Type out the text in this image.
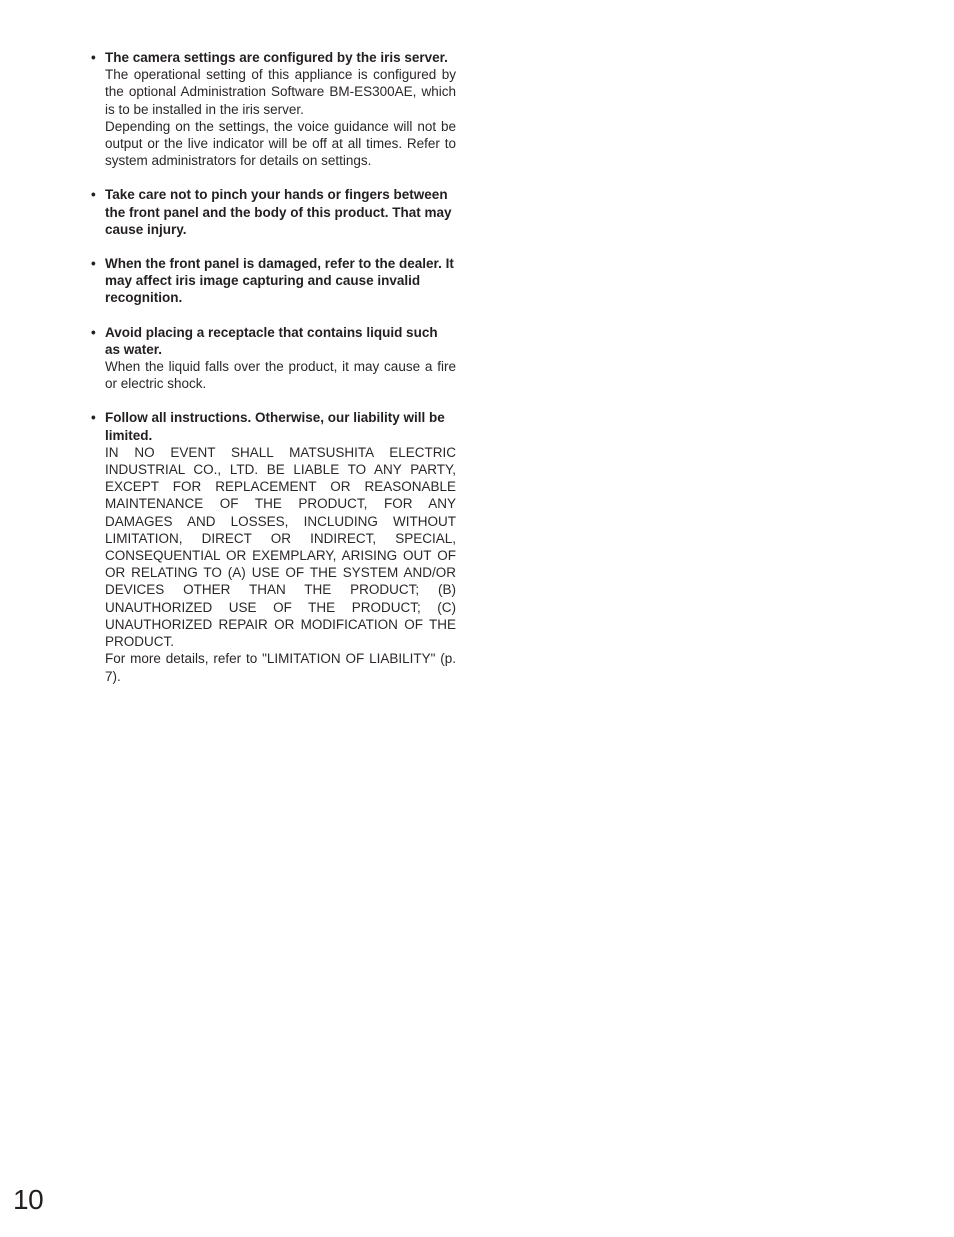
• The camera settings are configured by the iris server.

The operational setting of this appliance is configured by the optional Administration Software BM-ES300AE, which is to be installed in the iris server.

Depending on the settings, the voice guidance will not be output or the live indicator will be off at all times. Refer to system administrators for details on settings.

• Take care not to pinch your hands or fingers between the front panel and the body of this product. That may cause injury.

• When the front panel is damaged, refer to the dealer. It may affect iris image capturing and cause invalid recognition.

• Avoid placing a receptacle that contains liquid such as water.

When the liquid falls over the product, it may cause a fire or electric shock.

• Follow all instructions. Otherwise, our liability will be limited.

IN NO EVENT SHALL MATSUSHITA ELECTRIC INDUSTRIAL CO., LTD. BE LIABLE TO ANY PARTY, EXCEPT FOR REPLACEMENT OR REASONABLE MAINTENANCE OF THE PRODUCT, FOR ANY DAMAGES AND LOSSES, INCLUDING WITHOUT LIMITATION, DIRECT OR INDIRECT, SPECIAL, CONSEQUENTIAL OR EXEMPLARY, ARISING OUT OF OR RELATING TO (A) USE OF THE SYSTEM AND/OR DEVICES OTHER THAN THE PRODUCT; (B) UNAUTHORIZED USE OF THE PRODUCT; (C) UNAUTHORIZED REPAIR OR MODIFICATION OF THE PRODUCT.

For more details, refer to "LIMITATION OF LIABILITY" (p. 7).

10
